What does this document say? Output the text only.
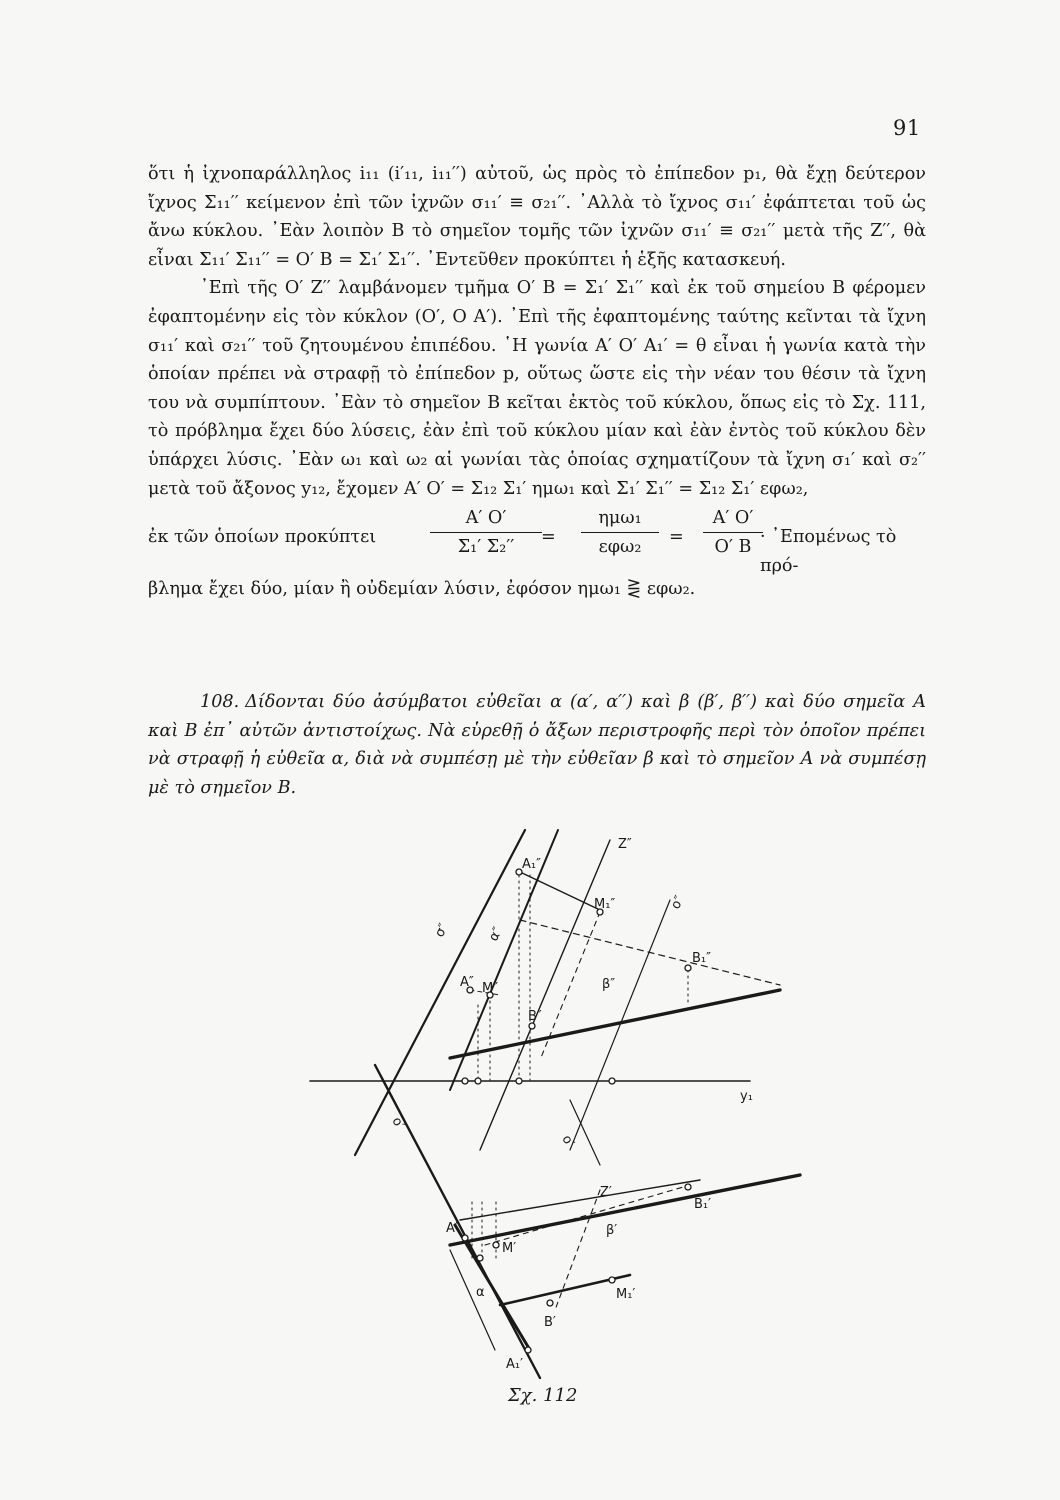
91

ὅτι ἡ ἰχνοπαράλληλος i₁₁ (i′₁₁, i₁₁′′) αὐτοῦ, ὡς πρὸς τὸ ἐπίπεδον p₁, θὰ ἔχῃ δεύτερον ἴχνος Σ₁₁′′ κείμενον ἐπὶ τῶν ἰχνῶν σ₁₁′ ≡ σ₂₁′′. ᾽Αλλὰ τὸ ἴχνος σ₁₁′ ἐφάπτεται τοῦ ὡς ἄνω κύκλου. ᾽Εὰν λοιπὸν B τὸ σημεῖον τομῆς τῶν ἰχνῶν σ₁₁′ ≡ σ₂₁′′ μετὰ τῆς Z′′, θὰ εἶναι Σ₁₁′ Σ₁₁′′ = O′ B = Σ₁′ Σ₁′′. ᾽Εντεῦθεν προκύπτει ἡ ἑξῆς κατασκευή.

᾽Επὶ τῆς O′ Z′′ λαμβάνομεν τμῆμα O′ B = Σ₁′ Σ₁′′ καὶ ἐκ τοῦ σημείου B φέρομεν ἐφαπτομένην εἰς τὸν κύκλον (O′, O A′). ᾽Επὶ τῆς ἐφαπτομένης ταύτης κεῖνται τὰ ἴχνη σ₁₁′ καὶ σ₂₁′′ τοῦ ζητουμένου ἐπιπέδου. ῾Η γωνία A′ O′ A₁′ = θ εἶναι ἡ γωνία κατὰ τὴν ὁποίαν πρέπει νὰ στραφῇ τὸ ἐπίπεδον p, οὕτως ὥστε εἰς τὴν νέαν του θέσιν τὰ ἴχνη του νὰ συμπίπτουν. ᾽Εὰν τὸ σημεῖον B κεῖται ἐκτὸς τοῦ κύκλου, ὅπως εἰς τὸ Σχ. 111, τὸ πρόβλημα ἔχει δύο λύσεις, ἐὰν ἐπὶ τοῦ κύκλου μίαν καὶ ἐὰν ἐντὸς τοῦ κύκλου δὲν ὑπάρχει λύσις. ᾽Εὰν ω₁ καὶ ω₂ αἱ γωνίαι τὰς ὁποίας σχηματίζουν τὰ ἴχνη σ₁′ καὶ σ₂′′ μετὰ τοῦ ἄξονος y₁₂, ἔχομεν A′ O′ = Σ₁₂ Σ₁′ ημω₁ καὶ Σ₁′ Σ₁′′ = Σ₁₂ Σ₁′ εφω₂,

ἐκ τῶν ὁποίων προκύπτει
A′ O′
Σ₁′ Σ₂′′	=
ημω₁
εφω₂	=
A′ O′
O′ B · ᾽Επομένως τὸ πρό-

βλημα ἔχει δύο, μίαν ἢ οὐδεμίαν λύσιν, ἐφόσον ημω₁ ⋛ εφω₂.

108. Δίδονται δύο ἀσύμβατοι εὐθεῖαι α (α′, α′′) καὶ β (β′, β′′) καὶ δύο σημεῖα A καὶ B ἐπ᾽ αὐτῶν ἀντιστοίχως. Νὰ εὑρεθῇ ὁ ἄξων περιστροφῆς περὶ τὸν ὁποῖον πρέπει νὰ στραφῇ ἡ εὐθεῖα α, διὰ νὰ συμπέσῃ μὲ τὴν εὐθεῖαν β καὶ τὸ σημεῖον A νὰ συμπέσῃ μὲ τὸ σημεῖον B.
A₁″
Z″
σ″
o″
M₁″
α″
B₁″
β″
A″ M″
B″
y₁
o′
o′
Z′
A′
M′
β′
B₁′
α
B′
M₁′
A₁′
Σχ. 112
